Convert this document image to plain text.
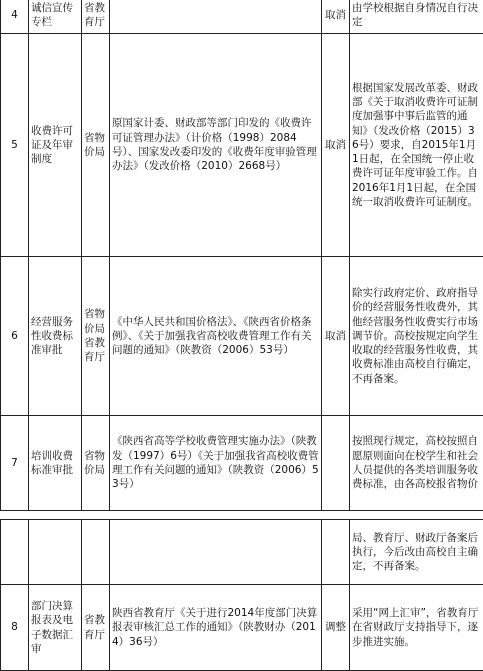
4	诚信宣传专栏	省教育厅		取消	由学校根据自身情况自行决定
5	收费许可证及年审制度	省物价局	原国家计委、财政部等部门印发的《收费许可证管理办法》（计价格（1998）2084号）、国家发改委印发的《收费年度审验管理办法》（发改价格（2010）2668号）	取消	根据国家发展改革委、财政部《关于取消收费许可证制度加强事中事后监管的通知》（发改价格（2015）36号）要求，自2015年1月1日起，在全国统一停止收费许可证年度审验工作。自2016年1月1日起，在全国统一取消收费许可证制度。
6	经营服务性收费标准审批	省物价局省教育厅	《中华人民共和国价格法》、《陕西省价格条例》、《关于加强我省高校收费管理工作有关问题的通知》（陕教资（2006）53号）	取消	除实行政府定价、政府指导价的经营服务性收费外，其他经营服务性收费实行市场调节价。高校按规定向学生收取的经营服务性收费，其收费标准由高校自行确定，不再备案。
7	培训收费标准审批	省物价局	《陕西省高等学校收费管理实施办法》（陕教发（1997）6号）《关于加强我省高校收费管理工作有关问题的通知》（陕教资（2006）53号）		按照现行规定，高校按照自愿原则面向在校学生和社会人员提供的各类培训服务收费标准，由各高校报省物价
					局、教育厅、财政厅备案后执行，今后改由高校自主确定，不再备案。
8	部门决算报表及电子数据汇审	省教育厅	陕西省教育厅《关于进行2014年度部门决算报表审核汇总工作的通知》（陕教财办（2014）36号）	调整	采用“网上汇审”，省教育厅在省财政厅支持指导下，逐步推进实施。
